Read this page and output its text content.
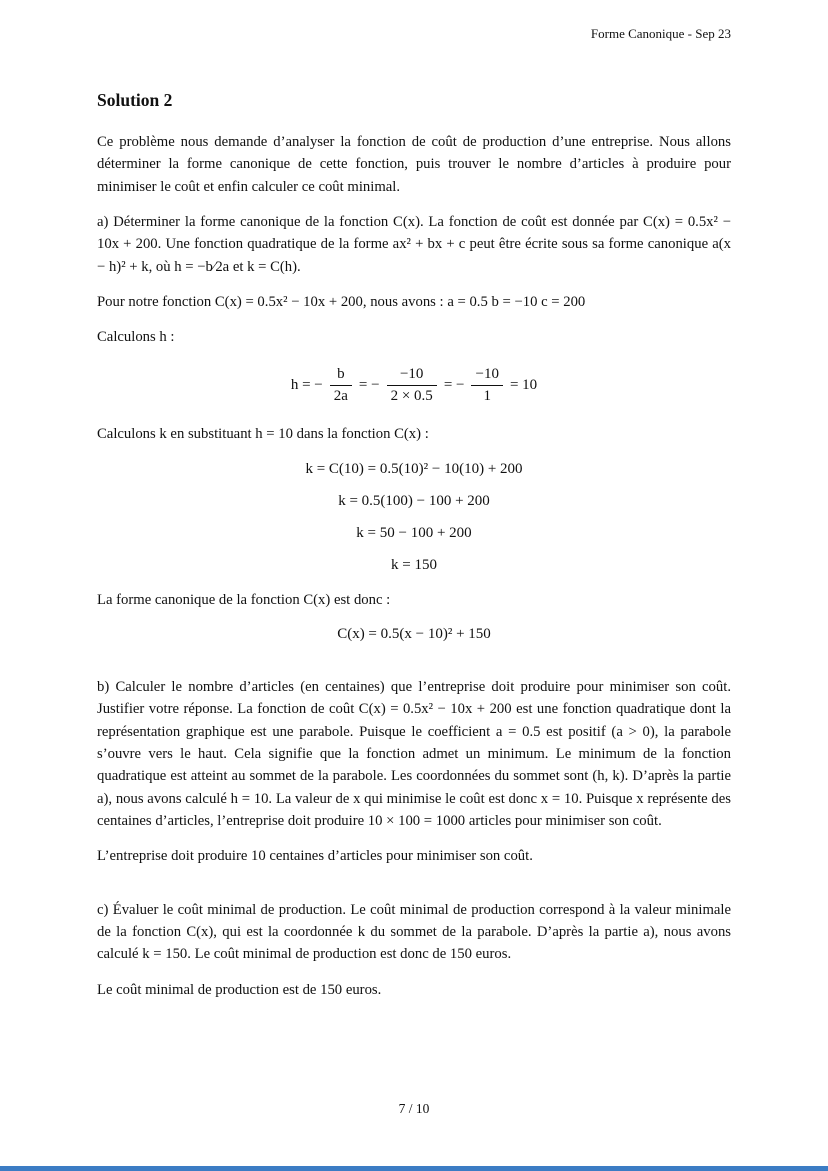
Forme Canonique - Sep 23
Solution 2

Ce problème nous demande d’analyser la fonction de coût de production d’une entreprise. Nous allons déterminer la forme canonique de cette fonction, puis trouver le nombre d’articles à produire pour minimiser le coût et enfin calculer ce coût minimal.

a) Déterminer la forme canonique de la fonction C(x). La fonction de coût est donnée par C(x) = 0.5x² − 10x + 200. Une fonction quadratique de la forme ax² + bx + c peut être écrite sous sa forme canonique a(x − h)² + k, où h = −b⁄2a et k = C(h).

Pour notre fonction C(x) = 0.5x² − 10x + 200, nous avons : a = 0.5 b = −10 c = 200

Calculons h :

h = − $\frac{b}{2a}$ = − $\frac{-10}{2 \times 0.5}$ = − $\frac{-10}{1} = 10$

Calculons k en substituant h = 10 dans la fonction C(x) :

k = C(10) = 0.5(10)² − 10(10) + 200
k = 0.5(100) − 100 + 200
k = 50 − 100 + 200
k = 150

La forme canonique de la fonction C(x) est donc :

C(x) = 0.5(x − 10)² + 150

b) Calculer le nombre d’articles (en centaines) que l’entreprise doit produire pour minimiser son coût. Justifier votre réponse. La fonction de coût C(x) = 0.5x² − 10x + 200 est une fonction quadratique dont la représentation graphique est une parabole. Puisque le coefficient a = 0.5 est positif (a > 0), la parabole s’ouvre vers le haut. Cela signifie que la fonction admet un minimum. Le minimum de la fonction quadratique est atteint au sommet de la parabole. Les coordonnées du sommet sont (h, k). D’après la partie a), nous avons calculé h = 10. La valeur de x qui minimise le coût est donc x = 10. Puisque x représente des centaines d’articles, l’entreprise doit produire 10 × 100 = 1000 articles pour minimiser son coût.

L’entreprise doit produire 10 centaines d’articles pour minimiser son coût.

c) Évaluer le coût minimal de production. Le coût minimal de production correspond à la valeur minimale de la fonction C(x), qui est la coordonnée k du sommet de la parabole. D’après la partie a), nous avons calculé k = 150. Le coût minimal de production est donc de 150 euros.

Le coût minimal de production est de 150 euros.

7 / 10
